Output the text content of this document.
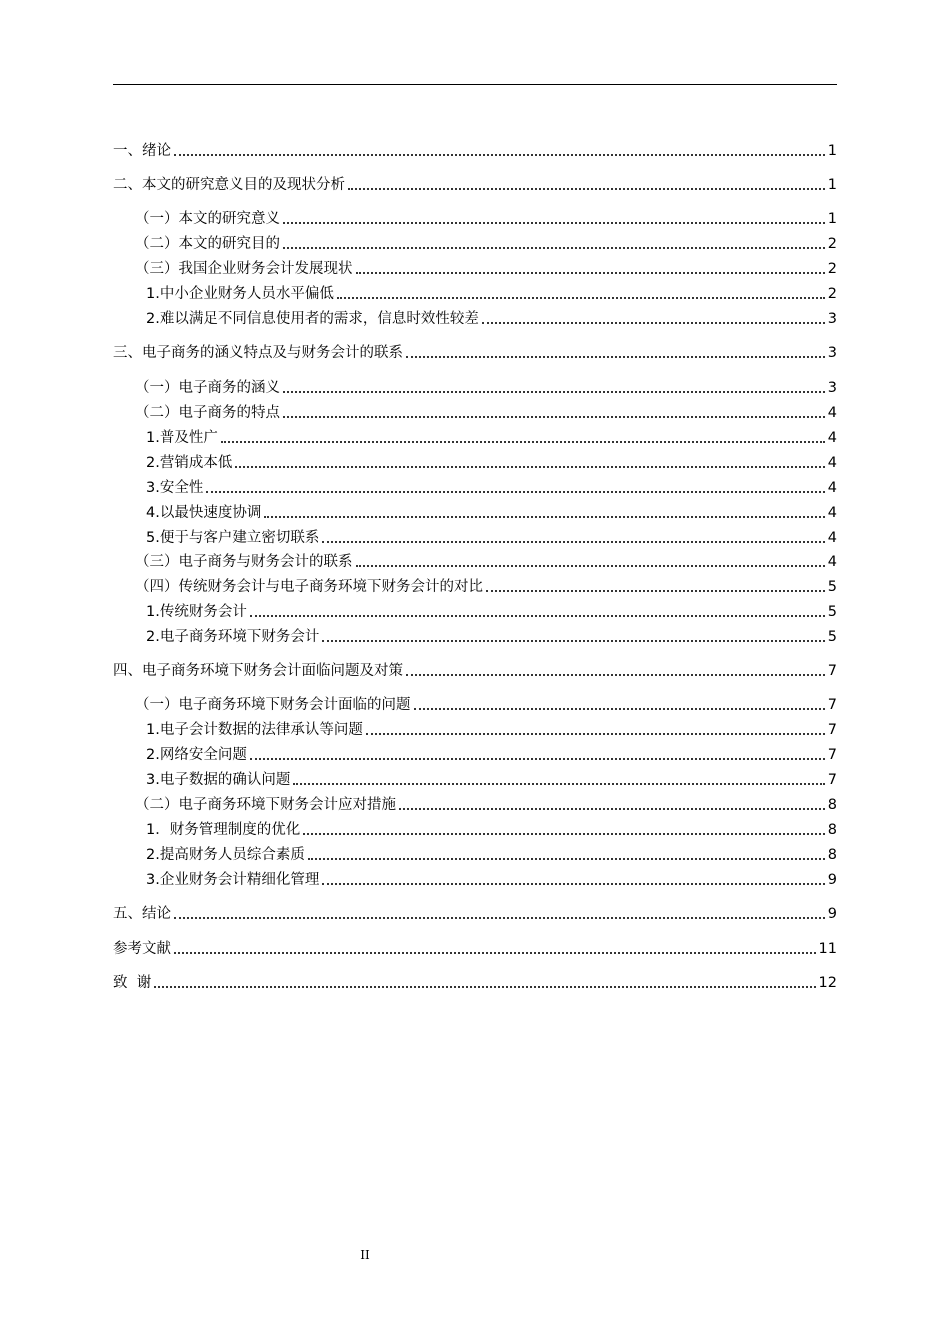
一、绪论	1
二、本文的研究意义目的及现状分析	1
（一）本文的研究意义	1
（二）本文的研究目的	2
（三）我国企业财务会计发展现状	2
1.中小企业财务人员水平偏低	2
2.难以满足不同信息使用者的需求，信息时效性较差	3
三、电子商务的涵义特点及与财务会计的联系	3
（一）电子商务的涵义	3
（二）电子商务的特点	4
1.普及性广	4
2.营销成本低	4
3.安全性	4
4.以最快速度协调	4
5.便于与客户建立密切联系	4
（三）电子商务与财务会计的联系	4
（四）传统财务会计与电子商务环境下财务会计的对比	5
1.传统财务会计	5
2.电子商务环境下财务会计	5
四、电子商务环境下财务会计面临问题及对策	7
（一）电子商务环境下财务会计面临的问题	7
1.电子会计数据的法律承认等问题	7
2.网络安全问题	7
3.电子数据的确认问题	7
（二）电子商务环境下财务会计应对措施	8
1．财务管理制度的优化	8
2.提高财务人员综合素质	8
3.企业财务会计精细化管理	9
五、结论	9
参考文献	11
致  谢	12
II
